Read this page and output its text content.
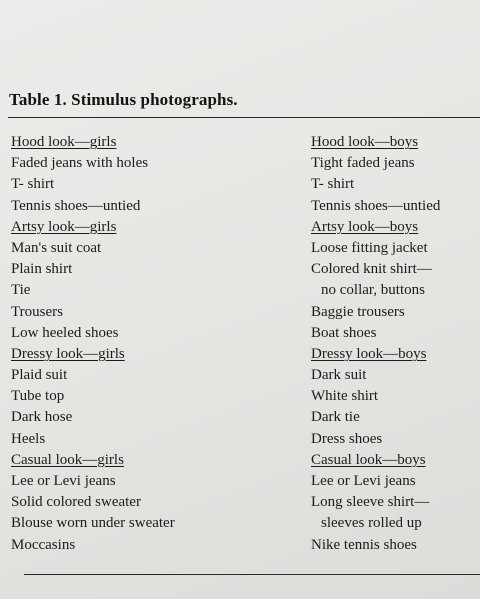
Table 1. Stimulus photographs.
Hood look—girls
Faded jeans with holes
T- shirt
Tennis shoes—untied
Artsy look—girls
Man's suit coat
Plain shirt
Tie
Trousers
Low heeled shoes
Dressy look—girls
Plaid suit
Tube top
Dark hose
Heels
Casual look—girls
Lee or Levi jeans
Solid colored sweater
Blouse worn under sweater
Moccasins
Hood look—boys
Tight faded jeans
T- shirt
Tennis shoes—untied
Artsy look—boys
Loose fitting jacket
Colored knit shirt—
no collar, buttons
Baggie trousers
Boat shoes
Dressy look—boys
Dark suit
White shirt
Dark tie
Dress shoes
Casual look—boys
Lee or Levi jeans
Long sleeve shirt—
sleeves rolled up
Nike tennis shoes
